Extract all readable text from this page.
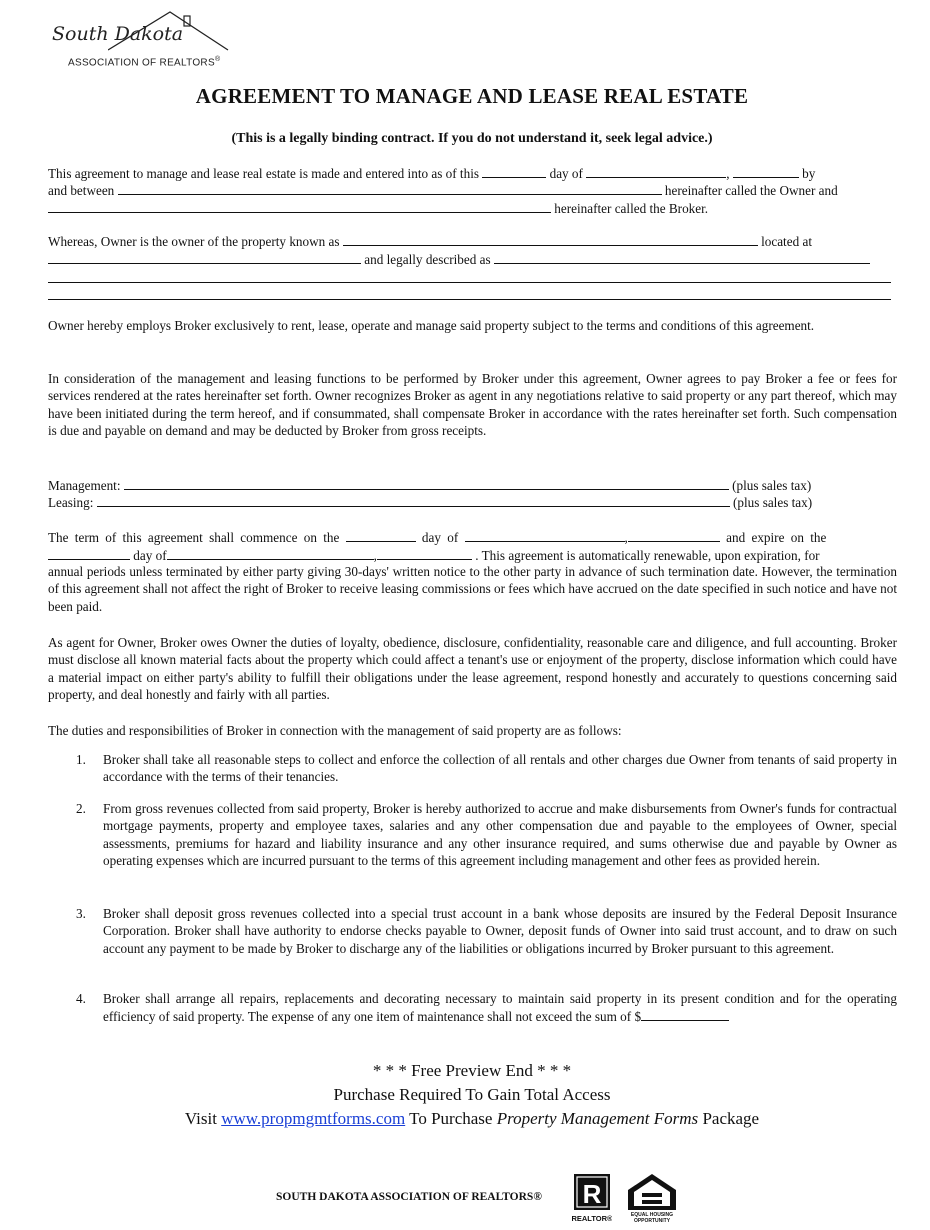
South Dakota
ASSOCIATION OF REALTORS®
AGREEMENT TO MANAGE AND LEASE REAL ESTATE
(This is a legally binding contract. If you do not understand it, seek legal advice.)
This agreement to manage and lease real estate is made and entered into as of this	day of	,	by
and between	hereinafter called the Owner and
hereinafter called the Broker.
Whereas, Owner is the owner of the property known as	located at
and legally described as
Owner hereby employs Broker exclusively to rent, lease, operate and manage said property subject to the terms and conditions of this agreement.
In consideration of the management and leasing functions to be performed by Broker under this agreement, Owner agrees to pay Broker a fee or fees for services rendered at the rates hereinafter set forth. Owner recognizes Broker as agent in any negotiations relative to said property or any part thereof, which may have been initiated during the term hereof, and if consummated, shall compensate Broker in accordance with the rates hereinafter set forth. Such compensation is due and payable on demand and may be deducted by Broker from gross receipts.
Management:	(plus sales tax)
Leasing:	(plus sales tax)
The term of this agreement shall commence on the	day of	,	and expire on the
day of	,	. This agreement is automatically renewable, upon expiration, for
annual periods unless terminated by either party giving 30-days' written notice to the other party in advance of such termination date. However, the termination of this agreement shall not affect the right of Broker to receive leasing commissions or fees which have accrued on the date specified in such notice and have not been paid.
As agent for Owner, Broker owes Owner the duties of loyalty, obedience, disclosure, confidentiality, reasonable care and diligence, and full accounting. Broker must disclose all known material facts about the property which could affect a tenant's use or enjoyment of the property, disclose information which could have a material impact on either party's ability to fulfill their obligations under the lease agreement, respond honestly and accurately to questions concerning said property, and deal honestly and fairly with all parties.
The duties and responsibilities of Broker in connection with the management of said property are as follows:
1. Broker shall take all reasonable steps to collect and enforce the collection of all rentals and other charges due Owner from tenants of said property in accordance with the terms of their tenancies.
2. From gross revenues collected from said property, Broker is hereby authorized to accrue and make disbursements from Owner's funds for contractual mortgage payments, property and employee taxes, salaries and any other compensation due and payable to the employees of Owner, special assessments, premiums for hazard and liability insurance and any other insurance required, and sums otherwise due and payable by Owner as operating expenses which are incurred pursuant to the terms of this agreement including management and other fees as provided herein.
3. Broker shall deposit gross revenues collected into a special trust account in a bank whose deposits are insured by the Federal Deposit Insurance Corporation. Broker shall have authority to endorse checks payable to Owner, deposit funds of Owner into said trust account, and to draw on such account any payment to be made by Broker to discharge any of the liabilities or obligations incurred by Broker pursuant to this agreement.
4. Broker shall arrange all repairs, replacements and decorating necessary to maintain said property in its present condition and for the operating efficiency of said property. The expense of any one item of maintenance shall not exceed the sum of $
* * * Free Preview End * * *
Purchase Required To Gain Total Access
Visit www.propmgmtforms.com To Purchase Property Management Forms Package
SOUTH DAKOTA ASSOCIATION OF REALTORS® R
REALTOR®	EQUAL HOUSING
OPPORTUNITY
